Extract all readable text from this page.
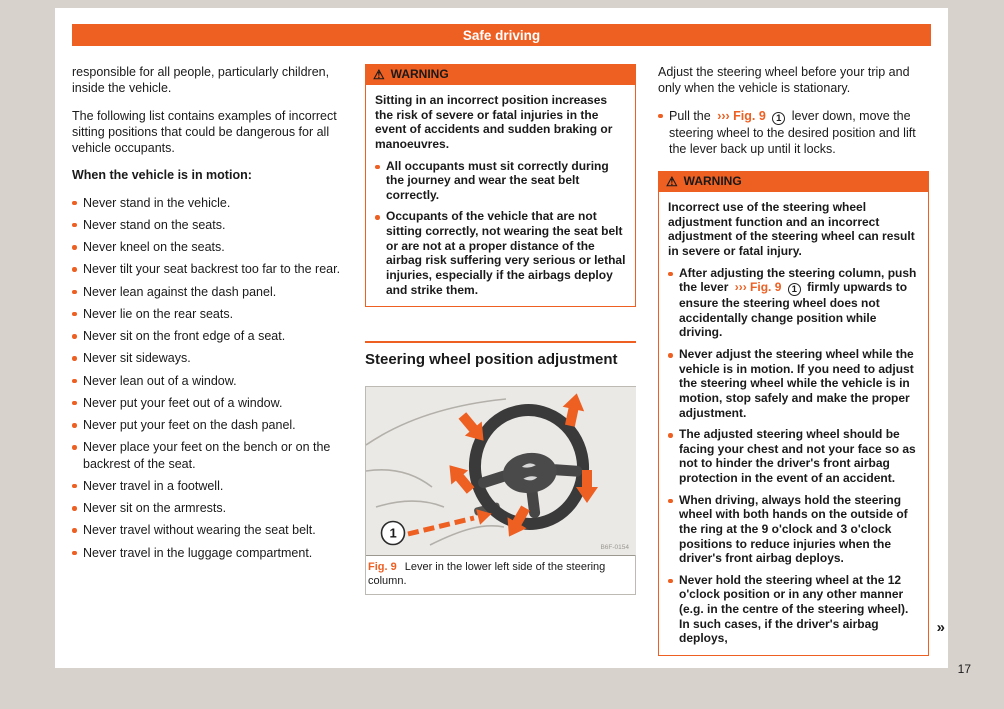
Safe driving

responsible for all people, particularly children, inside the vehicle.

The following list contains examples of incorrect sitting positions that could be dangerous for all vehicle occupants.

When the vehicle is in motion:

Never stand in the vehicle.
Never stand on the seats.
Never kneel on the seats.
Never tilt your seat backrest too far to the rear.
Never lean against the dash panel.
Never lie on the rear seats.
Never sit on the front edge of a seat.
Never sit sideways.
Never lean out of a window.
Never put your feet out of a window.
Never put your feet on the dash panel.
Never place your feet on the bench or on the backrest of the seat.
Never travel in a footwell.
Never sit on the armrests.
Never travel without wearing the seat belt.
Never travel in the luggage compartment.
⚠ WARNING

Sitting in an incorrect position increases the risk of severe or fatal injuries in the event of accidents and sudden braking or manoeuvres.

All occupants must sit correctly during the journey and wear the seat belt correctly.
Occupants of the vehicle that are not sitting correctly, not wearing the seat belt or are not at a proper distance of the airbag risk suffering very serious or lethal injuries, especially if the airbags deploy and strike them.
Steering wheel position adjustment
1
B6F-0154
Fig. 9 Lever in the lower left side of the steering column.

Adjust the steering wheel before your trip and only when the vehicle is stationary.

Pull the ››› Fig. 9 1 lever down, move the steering wheel to the desired position and lift the lever back up until it locks.
⚠ WARNING

Incorrect use of the steering wheel adjustment function and an incorrect adjustment of the steering wheel can result in severe or fatal injury.

After adjusting the steering column, push the lever ››› Fig. 9 1 firmly upwards to ensure the steering wheel does not accidentally change position while driving.
Never adjust the steering wheel while the vehicle is in motion. If you need to adjust the steering wheel while the vehicle is in motion, stop safely and make the proper adjustment.
The adjusted steering wheel should be facing your chest and not your face so as not to hinder the driver's front airbag protection in the event of an accident.
When driving, always hold the steering wheel with both hands on the outside of the ring at the 9 o'clock and 3 o'clock positions to reduce injuries when the driver's front airbag deploys.
Never hold the steering wheel at the 12 o'clock position or in any other manner (e.g. in the centre of the steering wheel). In such cases, if the driver's airbag deploys,
»
17
